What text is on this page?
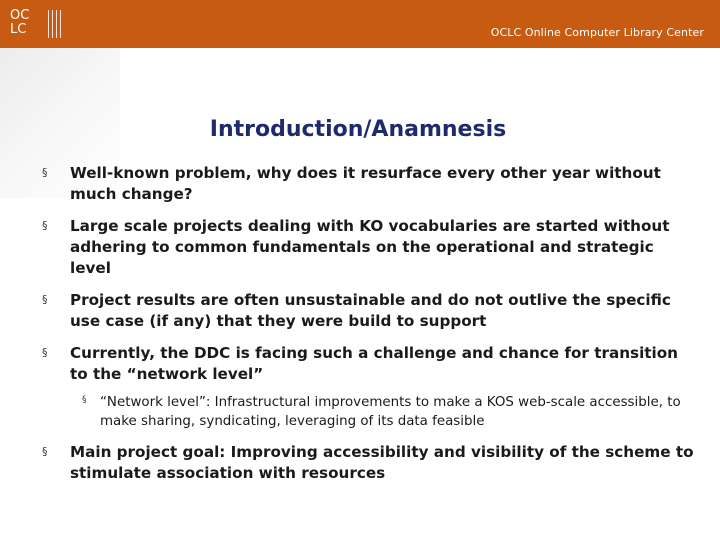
OC
LC	OCLC Online Computer Library Center
Introduction/Anamnesis
§ Well-known problem, why does it resurface every other year without much change?
§ Large scale projects dealing with KO vocabularies are started without adhering to common fundamentals on the operational and strategic level
§ Project results are often unsustainable and do not outlive the specific use case (if any) that they were build to support
§ Currently, the DDC is facing such a challenge and chance for transition to the “network level”
§ “Network level”: Infrastructural improvements to make a KOS web-scale accessible, to make sharing, syndicating, leveraging of its data feasible
§ Main project goal: Improving accessibility and visibility of the scheme to stimulate association with resources
